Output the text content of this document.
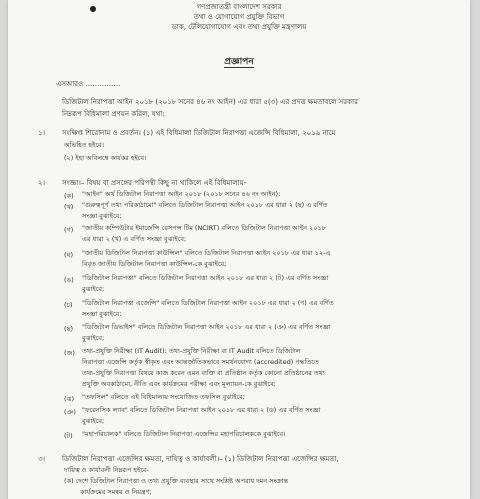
গণপ্রজাতন্ত্রী বাংলাদেশ সরকার
তথ্য ও যোগাযোগ প্রযুক্তি বিভাগ
ডাক, টেলিযোগাযোগ এবং তথ্য প্রযুক্তি মন্ত্রণালয়
প্রজ্ঞাপন
এসআরও ……………
ডিজিটাল নিরাপত্তা আইন ২০১৮ (২০১৮ সনের ৪৬ নং আইন) এর ধারা ৫(৩) এর প্রদত্ত ক্ষমতাবলে সরকার
নিম্নরূপ বিধিমালা প্রণয়ন করিল, যথা:
১। সংক্ষিপ্ত শিরোনাম ও প্রবর্তন। (১) এই বিধিমালা ডিজিটাল নিরাপত্তা এজেন্সি বিধিমালা, ২০১৯ নামে
অভিহিত হইবে।
(২) ইহা অবিলম্বে কার্যকর হইবে।
২। সংজ্ঞা।– বিষয় বা প্রসঙ্গের পরিপন্থী কিছু না থাকিলে এই বিধিমালায়-
(ক) "আইন" অর্থ ডিজিটাল নিরাপত্তা আইন ২০১৮ (২০১৮ সনের ৪৬ নং আইন);
(খ) "গুরুত্বপূর্ণ তথ্য পরিকাঠামো" বলিতে ডিজিটাল নিরাপত্তা আইন ২০১৮ এর ধারা ২ (ছ) এ বর্ণিত
সংজ্ঞা বুঝাইবে;
(গ) "জাতীয় কম্পিউটার ইমার্জেন্সি রেসপন্স টিম (NCIRT) বলিতে ডিজিটাল নিরাপত্তা আইন ২০১৮
এর ধারা ২ (খ) এ বর্ণিত সংজ্ঞা বুঝাইবে;
(ঘ) "জাতীয় ডিজিটাল নিরাপত্তা কাউন্সিল" বলিতে ডিজিটাল নিরাপত্তা আইন ২০১৮ এর ধারা ১২-এ
বিবৃত জাতীয় ডিজিটাল নিরাপত্তা কাউন্সিল-কে বুঝাইবে;
(ঙ) "ডিজিটাল নিরাপত্তা" বলিতে ডিজিটাল নিরাপত্তা আইন ২০১৮ এর ধারা ২ (ট) এর বর্ণিত সংজ্ঞা
বুঝাইবে;
(চ) "ডিজিটাল নিরাপত্তা এজেন্সি" বলিতে ডিজিটাল নিরাপত্তা আইন ২০১৮ এর ধারা ২ (ণ) এর বর্ণিত
সংজ্ঞা বুঝাইবে;
(ছ) "ডিজিটাল ডিভাইস" বলিতে ডিজিটাল নিরাপত্তা আইন ২০১৮ এর ধারা ২ (ঞ) এর বর্ণিত সংজ্ঞা
বুঝাইবে;
(জ) তথ্য-প্রযুক্তি নিরীক্ষা (IT Audit): তথ্য-প্রযুক্তি নিরীক্ষা বা IT Audit বলিতে ডিজিটাল
নিরাপত্তা এজেন্সি কর্তৃক স্বীকৃত এবং আন্তর্জাতিকভাবে সমর্থনযোগ্য (accredited) পদ্ধতিতে
তথ্য-প্রযুক্তি নিরাপত্তা বিষয়ে কাজ করেন এমন ব্যক্তি বা প্রতিষ্ঠান কর্তৃক কোনো প্রতিষ্ঠানের তথ্য
প্রযুক্তি অবকাঠামো, নীতি এবং কার্যক্রমের পরীক্ষা এবং মূল্যায়ন-কে বুঝাইবে;
(ঝ) "তফসিল" বলিতে এই বিধিমালায় সংযোজিত তফসিল বুঝাইবে;
(ঞ) "ফরেনসিক ল্যাব" বলিতে ডিজিটাল নিরাপত্তা আইন ২০১৮ এর ধারা ২ (ড) এর বর্ণিত সংজ্ঞা
বুঝাইবে;
(ট) "মহাপরিচালক" বলিতে ডিজিটাল নিরাপত্তা এজেন্সির মহাপরিচালককে বুঝাইবে।
৩। ডিজিটাল নিরাপত্তা এজেন্সির ক্ষমতা, দায়িত্ব ও কার্যাবলী।– (১) ডিজিটাল নিরাপত্তা এজেন্সির ক্ষমতা,
দায়িত্ব ও কার্যাবলী নিম্নরূপ হইবে-
(ক) দেশে ডিজিটাল নিরাপত্তা ও তথ্য প্রযুক্তি ব্যবস্থার সাথে সংশ্লিষ্ট অপরাধ দমন সংক্রান্ত
কার্যক্রমের সমন্বয় ও নিয়ন্ত্রণ;
